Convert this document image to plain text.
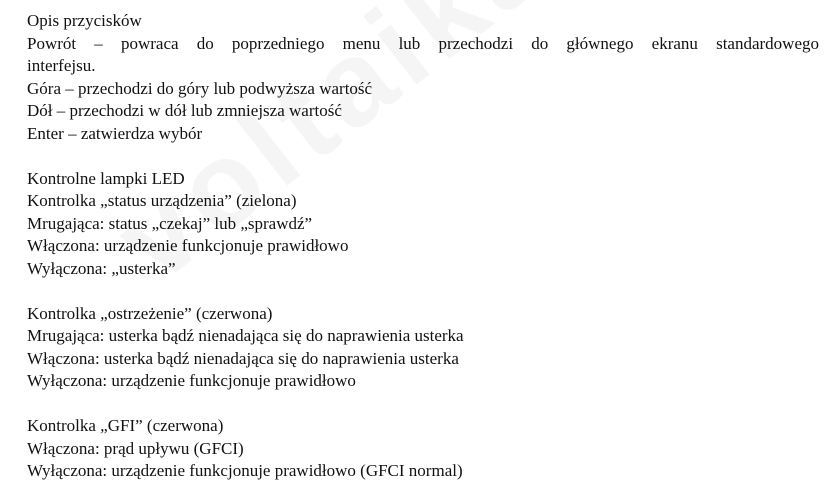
Opis przycisków
Powrót – powraca do poprzedniego menu lub przechodzi do głównego ekranu standardowego
interfejsu.
Góra – przechodzi do góry lub podwyższa wartość
Dół – przechodzi w dół lub zmniejsza wartość
Enter – zatwierdza wybór
Kontrolne lampki LED
Kontrolka „status urządzenia” (zielona)
Mrugająca: status „czekaj” lub „sprawdź”
Włączona: urządzenie funkcjonuje prawidłowo
Wyłączona: „usterka”
Kontrolka „ostrzeżenie” (czerwona)
Mrugająca: usterka bądź nienadająca się do naprawienia usterka
Włączona: usterka bądź nienadająca się do naprawienia usterka
Wyłączona: urządzenie funkcjonuje prawidłowo
Kontrolka „GFI” (czerwona)
Włączona: prąd upływu (GFCI)
Wyłączona: urządzenie funkcjonuje prawidłowo (GFCI normal)
